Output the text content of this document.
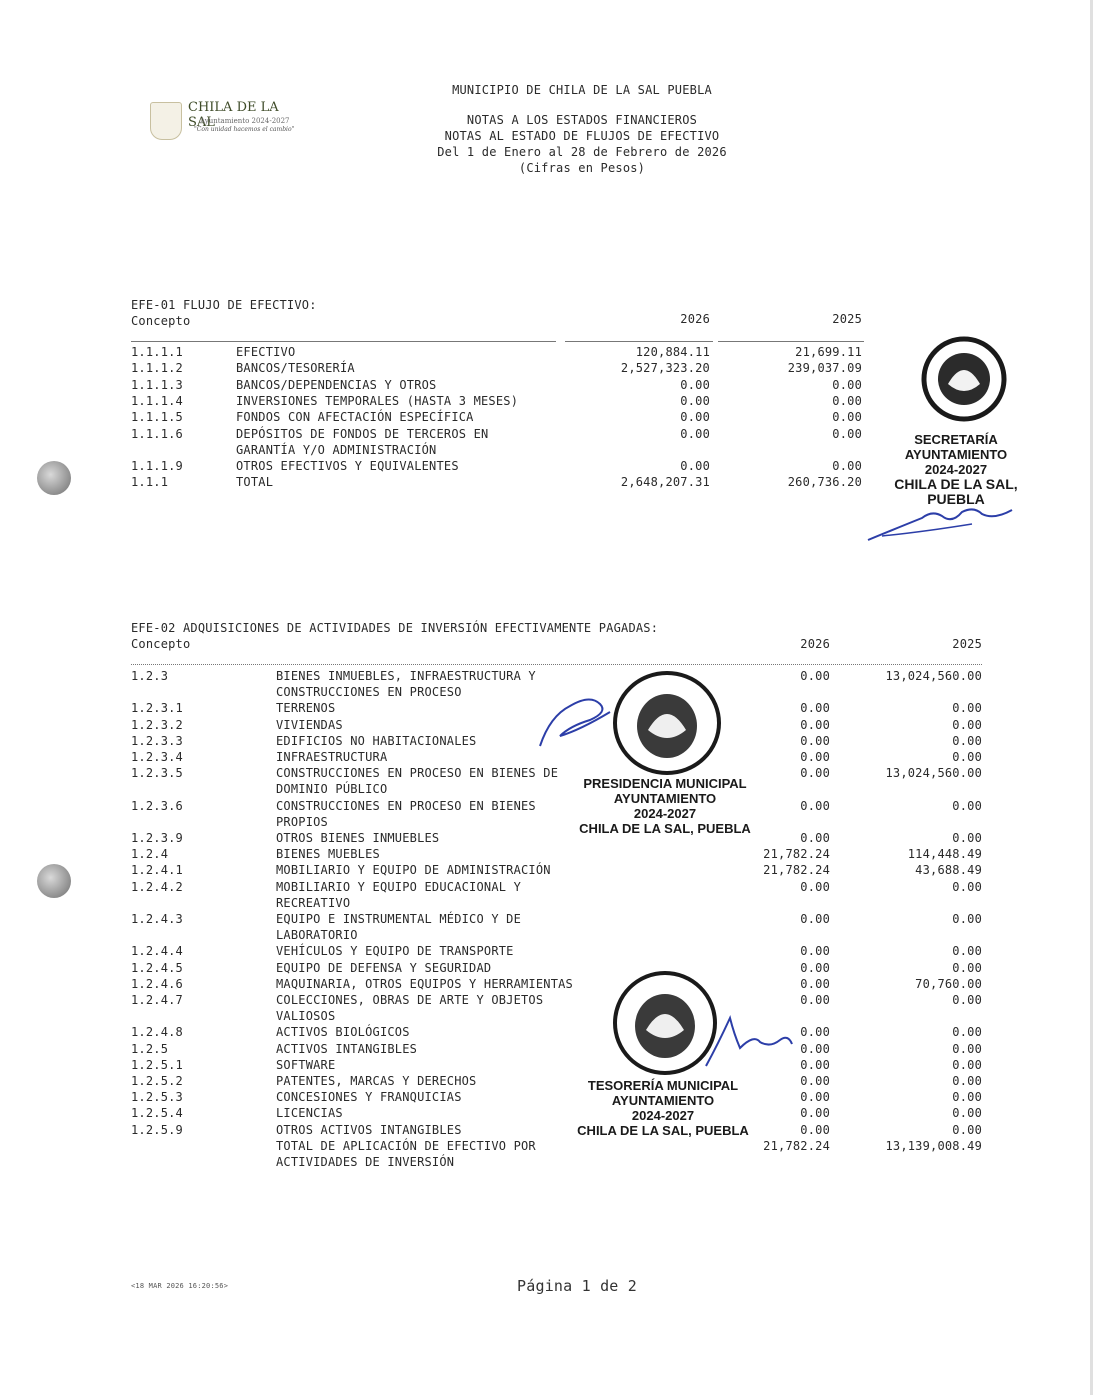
CHILA DE LA SAL
Ayuntamiento 2024-2027
"Con unidad hacemos el cambio"
MUNICIPIO DE CHILA DE LA SAL PUEBLA
NOTAS A LOS ESTADOS FINANCIEROS
NOTAS AL ESTADO DE FLUJOS DE EFECTIVO
Del 1 de Enero al 28 de Febrero de 2026
(Cifras en Pesos)
EFE-01 FLUJO DE EFECTIVO:
Concepto	2026	2025
1.1.1.1	EFECTIVO	120,884.11	21,699.11
1.1.1.2	BANCOS/TESORERÍA	2,527,323.20	239,037.09
1.1.1.3	BANCOS/DEPENDENCIAS Y OTROS	0.00	0.00
1.1.1.4	INVERSIONES TEMPORALES (HASTA 3 MESES)	0.00	0.00
1.1.1.5	FONDOS CON AFECTACIÓN ESPECÍFICA	0.00	0.00
1.1.1.6	DEPÓSITOS DE FONDOS DE TERCEROS EN	0.00	0.00
GARANTÍA Y/O ADMINISTRACIÓN
1.1.1.9	OTROS EFECTIVOS Y EQUIVALENTES	0.00	0.00
1.1.1	TOTAL	2,648,207.31	260,736.20
EFE-02 ADQUISICIONES DE ACTIVIDADES DE INVERSIÓN EFECTIVAMENTE PAGADAS:
Concepto	2026	2025
1.2.3	BIENES INMUEBLES, INFRAESTRUCTURA Y	0.00	13,024,560.00
CONSTRUCCIONES EN PROCESO
1.2.3.1	TERRENOS	0.00	0.00
1.2.3.2	VIVIENDAS	0.00	0.00
1.2.3.3	EDIFICIOS NO HABITACIONALES	0.00	0.00
1.2.3.4	INFRAESTRUCTURA	0.00	0.00
1.2.3.5	CONSTRUCCIONES EN PROCESO EN BIENES DE	0.00	13,024,560.00
DOMINIO PÚBLICO
1.2.3.6	CONSTRUCCIONES EN PROCESO EN BIENES	0.00	0.00
PROPIOS
1.2.3.9	OTROS BIENES INMUEBLES	0.00	0.00
1.2.4	BIENES MUEBLES	21,782.24	114,448.49
1.2.4.1	MOBILIARIO Y EQUIPO DE ADMINISTRACIÓN	21,782.24	43,688.49
1.2.4.2	MOBILIARIO Y EQUIPO EDUCACIONAL Y	0.00	0.00
RECREATIVO
1.2.4.3	EQUIPO E INSTRUMENTAL MÉDICO Y DE	0.00	0.00
LABORATORIO
1.2.4.4	VEHÍCULOS Y EQUIPO DE TRANSPORTE	0.00	0.00
1.2.4.5	EQUIPO DE DEFENSA Y SEGURIDAD	0.00	0.00
1.2.4.6	MAQUINARIA, OTROS EQUIPOS Y HERRAMIENTAS	0.00	70,760.00
1.2.4.7	COLECCIONES, OBRAS DE ARTE Y OBJETOS	0.00	0.00
VALIOSOS
1.2.4.8	ACTIVOS BIOLÓGICOS	0.00	0.00
1.2.5	ACTIVOS INTANGIBLES	0.00	0.00
1.2.5.1	SOFTWARE	0.00	0.00
1.2.5.2	PATENTES, MARCAS Y DERECHOS	0.00	0.00
1.2.5.3	CONCESIONES Y FRANQUICIAS	0.00	0.00
1.2.5.4	LICENCIAS	0.00	0.00
1.2.5.9	OTROS ACTIVOS INTANGIBLES	0.00	0.00
TOTAL DE APLICACIÓN DE EFECTIVO POR	21,782.24	13,139,008.49
ACTIVIDADES DE INVERSIÓN
SECRETARÍA
AYUNTAMIENTO
2024-2027
CHILA DE LA SAL, PUEBLA
PRESIDENCIA MUNICIPAL
AYUNTAMIENTO
2024-2027
CHILA DE LA SAL, PUEBLA
TESORERÍA MUNICIPAL
AYUNTAMIENTO
2024-2027
CHILA DE LA SAL, PUEBLA
<18 MAR 2026 16:20:56>	Página 1 de 2
